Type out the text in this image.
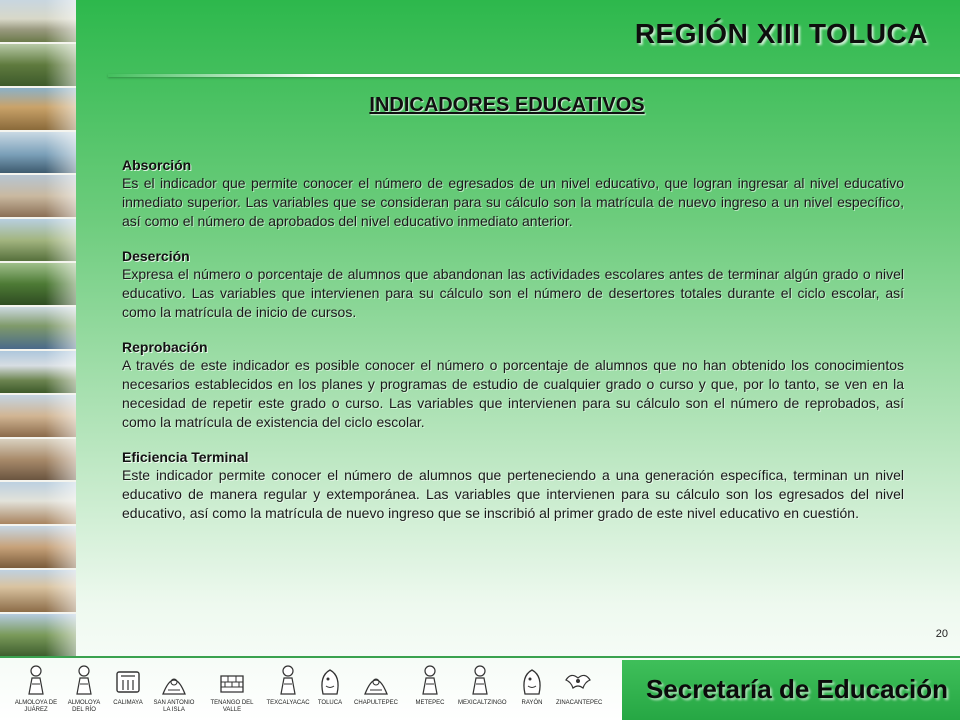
REGIÓN XIII TOLUCA
INDICADORES EDUCATIVOS
Absorción
Es el indicador que permite conocer el número de egresados de un nivel educativo, que logran ingresar al nivel educativo inmediato superior. Las variables que se consideran para su cálculo son la matrícula de nuevo ingreso a un nivel específico, así como el número de aprobados del nivel educativo inmediato anterior.
Deserción
Expresa el número o porcentaje de alumnos que abandonan las actividades escolares antes de terminar algún grado o nivel educativo. Las variables que intervienen para su cálculo son el número de desertores totales durante el ciclo escolar, así como la matrícula de inicio de cursos.
Reprobación
A través de este indicador es posible conocer el número o porcentaje de alumnos que no han obtenido los conocimientos necesarios establecidos en los planes y programas de estudio de cualquier grado o curso y que, por lo tanto, se ven en la necesidad de repetir este grado o curso. Las variables que intervienen para su cálculo son el número de reprobados, así como la matrícula de existencia del ciclo escolar.
Eficiencia Terminal
Este indicador permite conocer el número de alumnos que perteneciendo a una generación específica, terminan un nivel educativo de manera regular y extemporánea. Las variables que intervienen para su cálculo son los egresados del nivel educativo, así como la matrícula de nuevo ingreso que se inscribió al primer grado de este nivel educativo en cuestión.
20
ALMOLOYA DE JUÁREZ
ALMOLOYA DEL RÍO
CALIMAYA	SAN ANTONIO LA ISLA
TENANGO DEL VALLE
TEXCALYACAC	TOLUCA	CHAPULTEPEC	METEPEC	MEXICALTZINGO	RAYÓN	ZINACANTEPEC Secretaría de Educación
